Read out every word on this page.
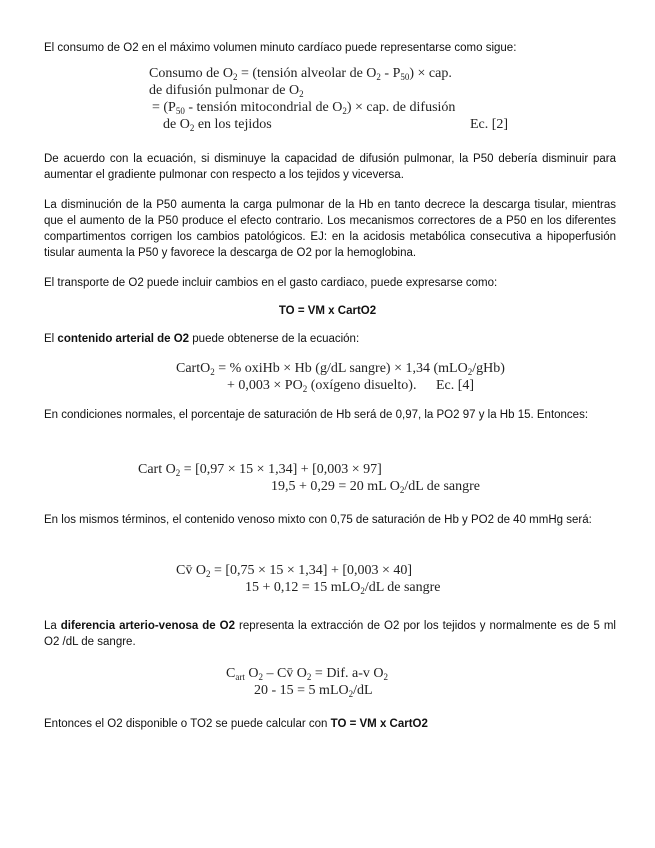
El consumo de O2 en el máximo volumen minuto cardíaco puede representarse como sigue:
Consumo de $O_2$ = (tensión alveolar de $O_2 - P_{50}$) × cap.
de difusión pulmonar de $O_2$
= ($P_{50}$ - tensión mitocondrial de $O_2$) × cap. de difusión
de $O_2$ en los tejidos	Ec. [2]
De acuerdo con la ecuación, si disminuye la capacidad de difusión pulmonar, la P50 debería disminuir para aumentar el gradiente pulmonar con respecto a los tejidos y viceversa.
La disminución de la P50 aumenta la carga pulmonar de la Hb en tanto decrece la descarga tisular, mientras que el aumento de la P50 produce el efecto contrario. Los mecanismos correctores de a P50 en los diferentes compartimentos corrigen los cambios patológicos. EJ: en la acidosis metabólica consecutiva a hipoperfusión tisular aumenta la P50 y favorece la descarga de O2 por la hemoglobina.
El transporte de O2 puede incluir cambios en el gasto cardiaco, puede expresarse como:
TO = VM x CartO2
El contenido arterial de O2 puede obtenerse de la ecuación:
CartO$_2$ = % oxiHb × Hb (g/dL sangre) × 1,34 (mLO$_2$/gHb)
+ $0,003 \times PO_2$ (oxígeno disuelto). Ec. [4]
En condiciones normales, el porcentaje de saturación de Hb será de 0,97, la PO2 97 y la Hb 15. Entonces:
Cart $O_2 = [0,97 \times 15 \times 1,34] + [0,003 \times 97]$
19,5 + 0,29 = 20 mL $O_2/dL$ de sangre
En los mismos términos, el contenido venoso mixto con 0,75 de saturación de Hb y PO2 de 40 mmHg será:
Cv̄ $O_2 = [0,75 \times 15 \times 1,34] + [0,003 \times 40]$
15 + 0,12 = 15 mLO$_2$/dL de sangre
La diferencia arterio-venosa de O2 representa la extracción de O2 por los tejidos y normalmente es de 5 ml O2 /dL de sangre.
$C_{art}$ $O_2$ – Cv̄ $O_2$ = Dif. a-v $O_2$
20 - 15 = 5 mLO$_2$/dL
Entonces el O2 disponible o TO2 se puede calcular con TO = VM x CartO2
